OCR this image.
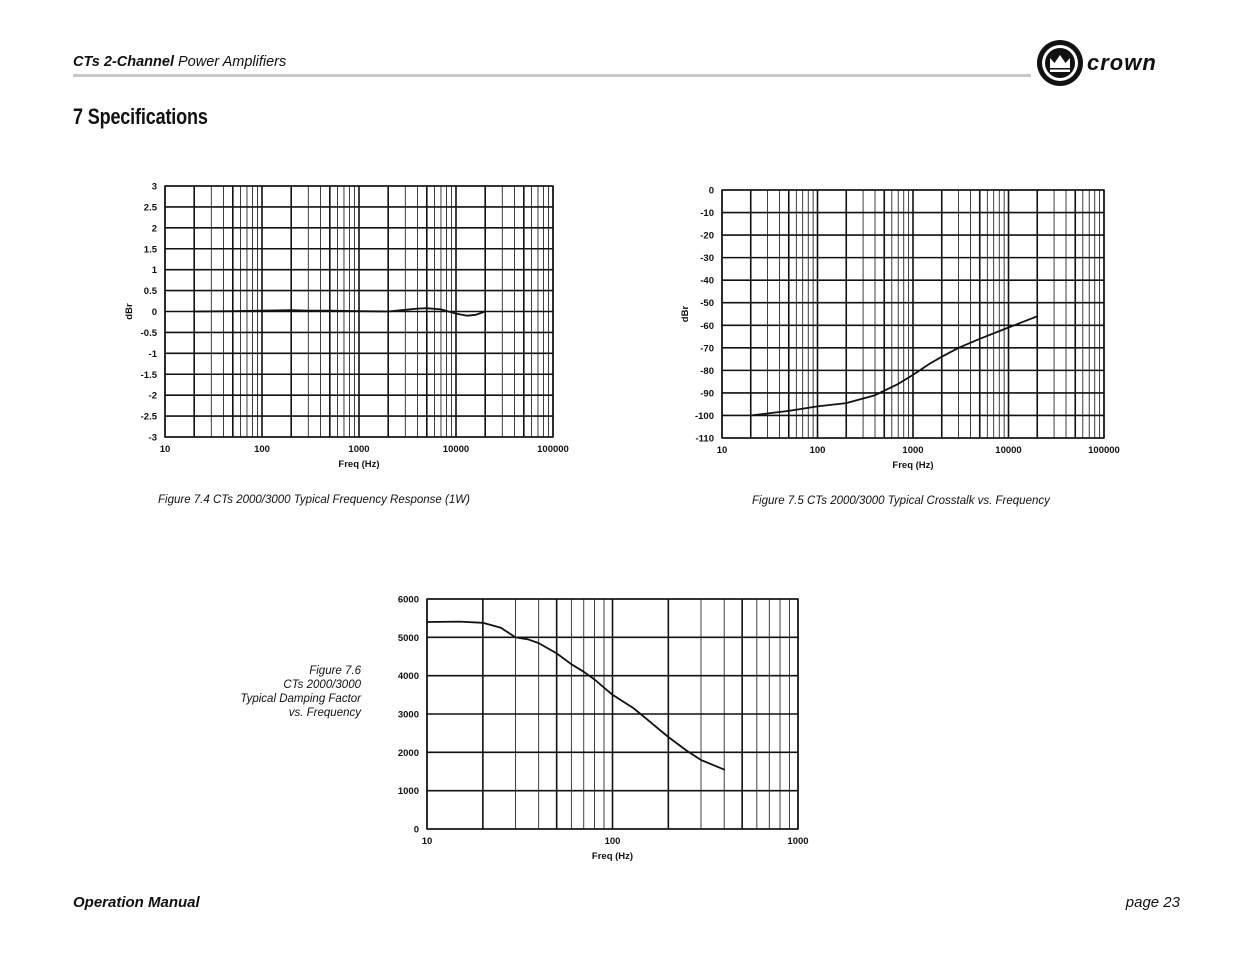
CTs 2-Channel Power Amplifiers	crown
7 Specifications
3
2.5
2
1.5
1
0.5
0
-0.5
-1
-1.5
-2
-2.5
-3
10	100	1000	10000	100000
Freq (Hz)
dBr
0
-10
-20
-30
-40
-50
-60
-70
-80
-90
-100
-110
10	100	1000	10000	100000
Freq (Hz)
dBr
6000
5000
4000
3000
2000
1000
0
10	100	1000
Freq (Hz)
Figure 7.4 CTs 2000/3000 Typical Frequency Response (1W)	Figure 7.5 CTs 2000/3000 Typical Crosstalk vs. Frequency
Figure 7.6
CTs 2000/3000
Typical Damping Factor
vs. Frequency
Operation Manual	page 23
